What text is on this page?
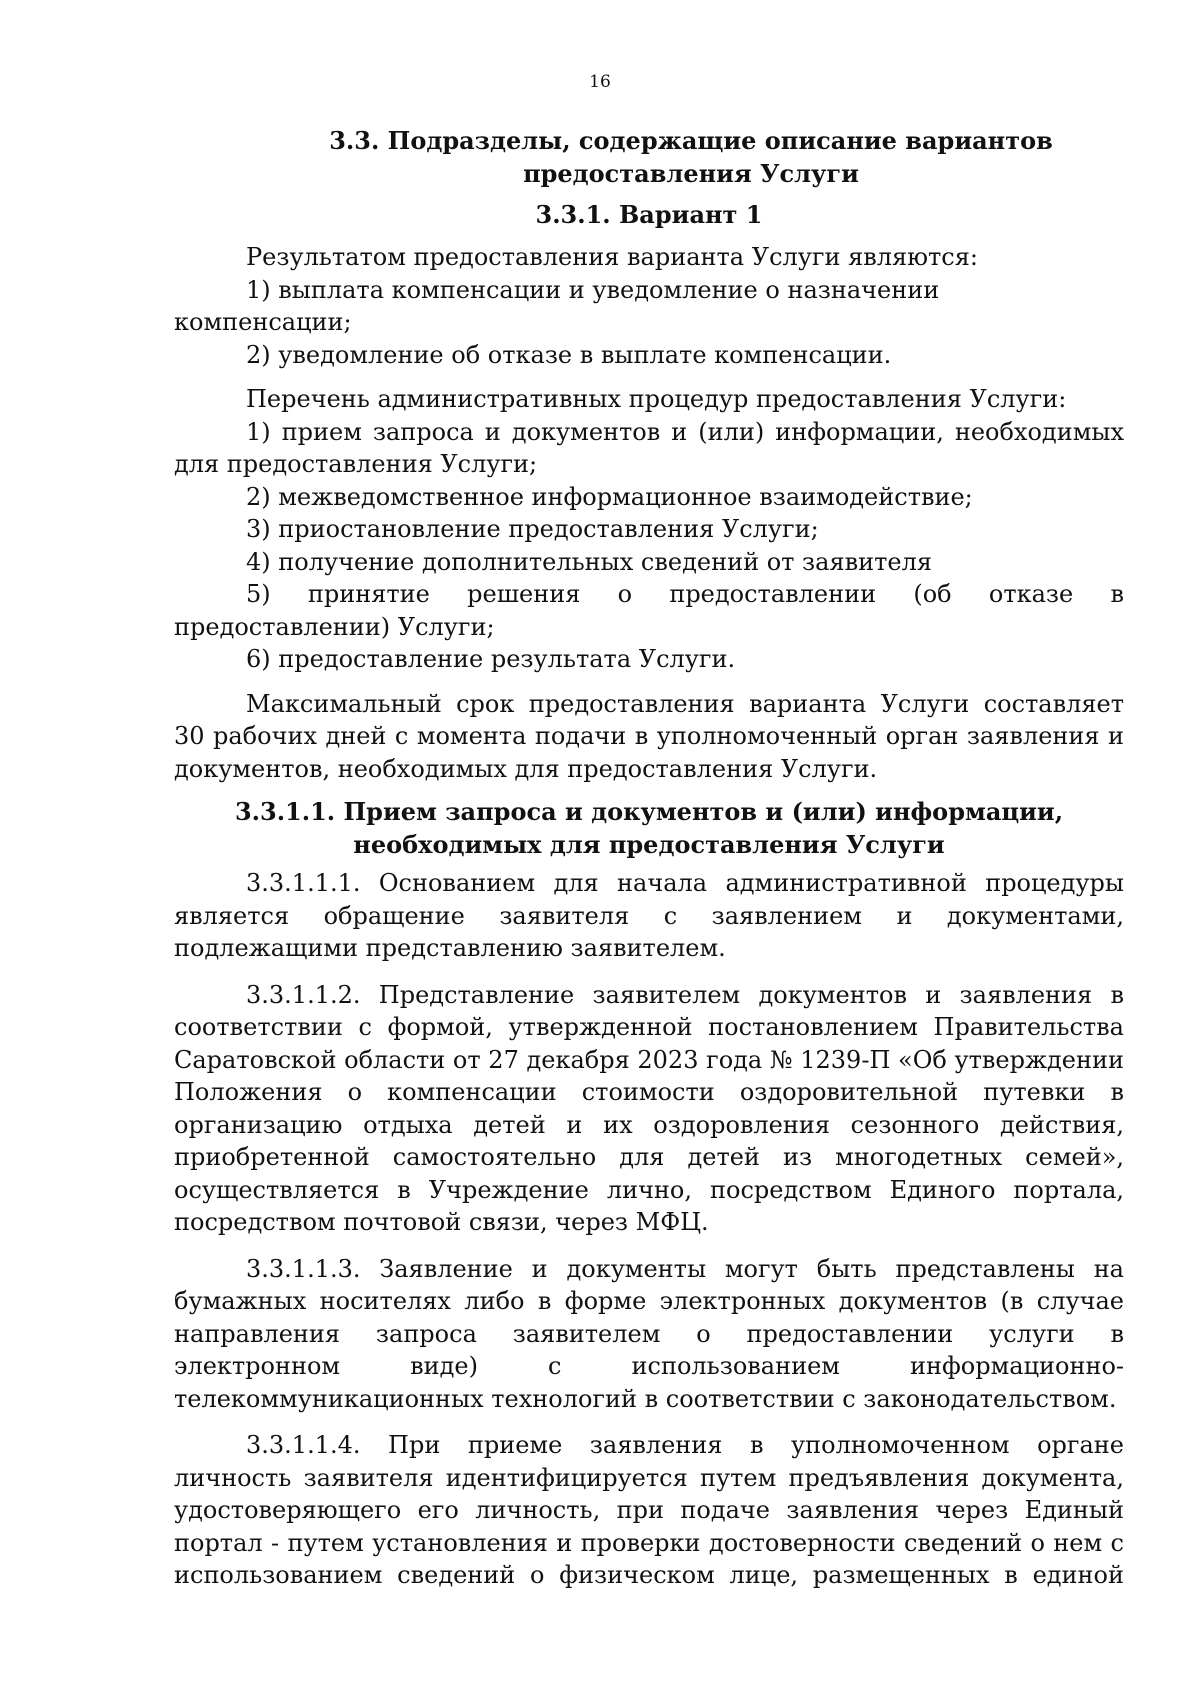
16
3.3. Подразделы, содержащие описание вариантов предоставления Услуги
3.3.1. Вариант 1

Результатом предоставления варианта Услуги являются:

1) выплата компенсации и уведомление о назначении компенсации;

2) уведомление об отказе в выплате компенсации.

Перечень административных процедур предоставления Услуги:

1) прием запроса и документов и (или) информации, необходимых для предоставления Услуги;

2) межведомственное информационное взаимодействие;

3) приостановление предоставления Услуги;

4) получение дополнительных сведений от заявителя

5) принятие решения о предоставлении (об отказе в предоставлении) Услуги;

6) предоставление результата Услуги.

Максимальный срок предоставления варианта Услуги составляет 30 рабочих дней с момента подачи в уполномоченный орган заявления и документов, необходимых для предоставления Услуги.

3.3.1.1. Прием запроса и документов и (или) информации, необходимых для предоставления Услуги

3.3.1.1.1. Основанием для начала административной процедуры является обращение заявителя с заявлением и документами, подлежащими представлению заявителем.

3.3.1.1.2. Представление заявителем документов и заявления в соответствии с формой, утвержденной постановлением Правительства Саратовской области от 27 декабря 2023 года № 1239-П «Об утверждении Положения о компенсации стоимости оздоровительной путевки в организацию отдыха детей и их оздоровления сезонного действия, приобретенной самостоятельно для детей из многодетных семей», осуществляется в Учреждение лично, посредством Единого портала, посредством почтовой связи, через МФЦ.

3.3.1.1.3. Заявление и документы могут быть представлены на бумажных носителях либо в форме электронных документов (в случае направления запроса заявителем о предоставлении услуги в электронном виде) с использованием информационно-телекоммуникационных технологий в соответствии с законодательством.

3.3.1.1.4. При приеме заявления в уполномоченном органе личность заявителя идентифицируется путем предъявления документа, удостоверяющего его личность, при подаче заявления через Единый портал - путем установления и проверки достоверности сведений о нем с использованием сведений о физическом лице, размещенных в единой
